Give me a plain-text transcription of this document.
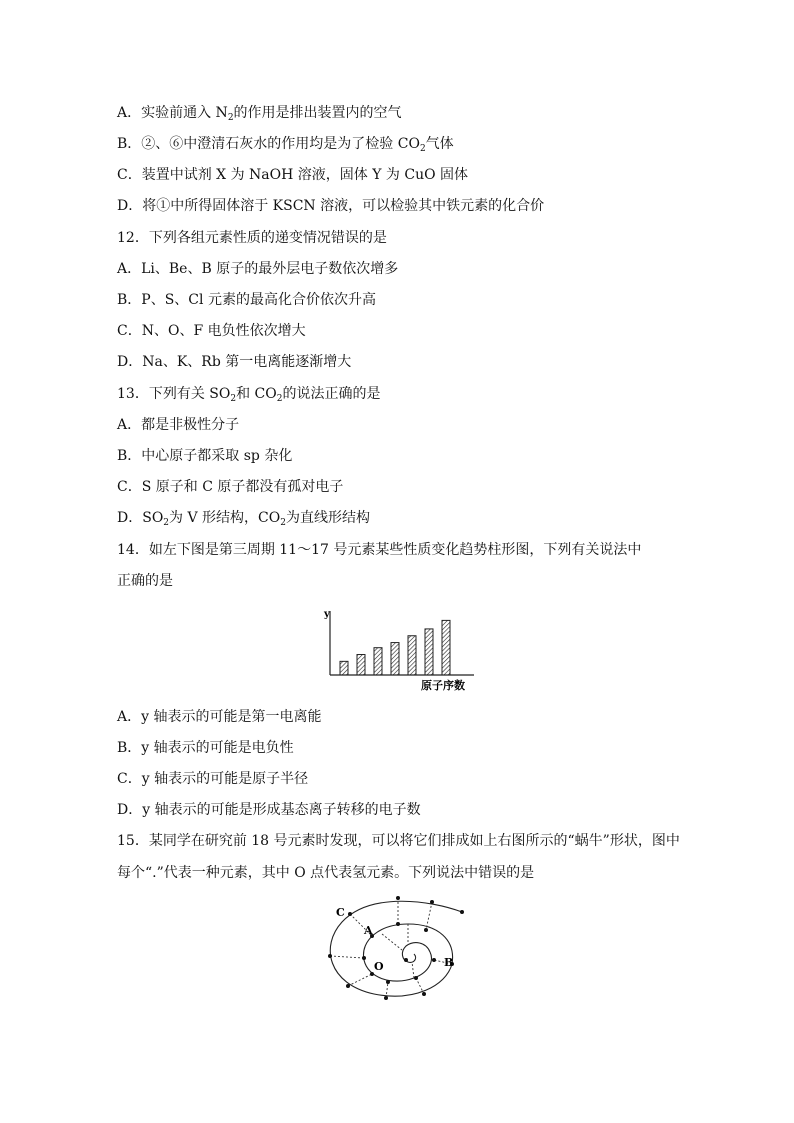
A．实验前通入 $N_2$的作用是排出装置内的空气
B．②、⑥中澄清石灰水的作用均是为了检验 $CO_2$气体
C．装置中试剂 X 为 NaOH 溶液，固体 Y 为 CuO 固体
D．将①中所得固体溶于 KSCN 溶液，可以检验其中铁元素的化合价
12．下列各组元素性质的递变情况错误的是
A．Li、Be、B 原子的最外层电子数依次增多
B．P、S、Cl 元素的最高化合价依次升高
C．N、O、F 电负性依次增大
D．Na、K、Rb 第一电离能逐渐增大
13．下列有关 $SO_2$和 $CO_2$的说法正确的是
A．都是非极性分子
B．中心原子都采取 sp 杂化
C．S 原子和 C 原子都没有孤对电子
D．$SO_2$为 V 形结构，$CO_2$为直线形结构
14．如左下图是第三周期 11～17 号元素某些性质变化趋势柱形图，下列有关说法中
正确的是
y
原子序数
A．y 轴表示的可能是第一电离能
B．y 轴表示的可能是电负性
C．y 轴表示的可能是原子半径
D．y 轴表示的可能是形成基态离子转移的电子数
15．某同学在研究前 18 号元素时发现，可以将它们排成如上右图所示的“蜗牛”形状，图中
每个“.”代表一种元素，其中 O 点代表氢元素。下列说法中错误的是
C
A
O	B
